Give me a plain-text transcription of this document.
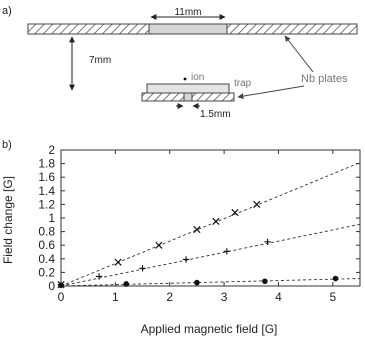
a)	11mm
7mm
ion
trap
1.5mm
Nb plates
b)
0	1	2	3	4	5
0
0.2
0.4
0.6
0.8
1
1.2
1.4
1.6
1.8
2
Applied magnetic field [G]
Field change [G]
